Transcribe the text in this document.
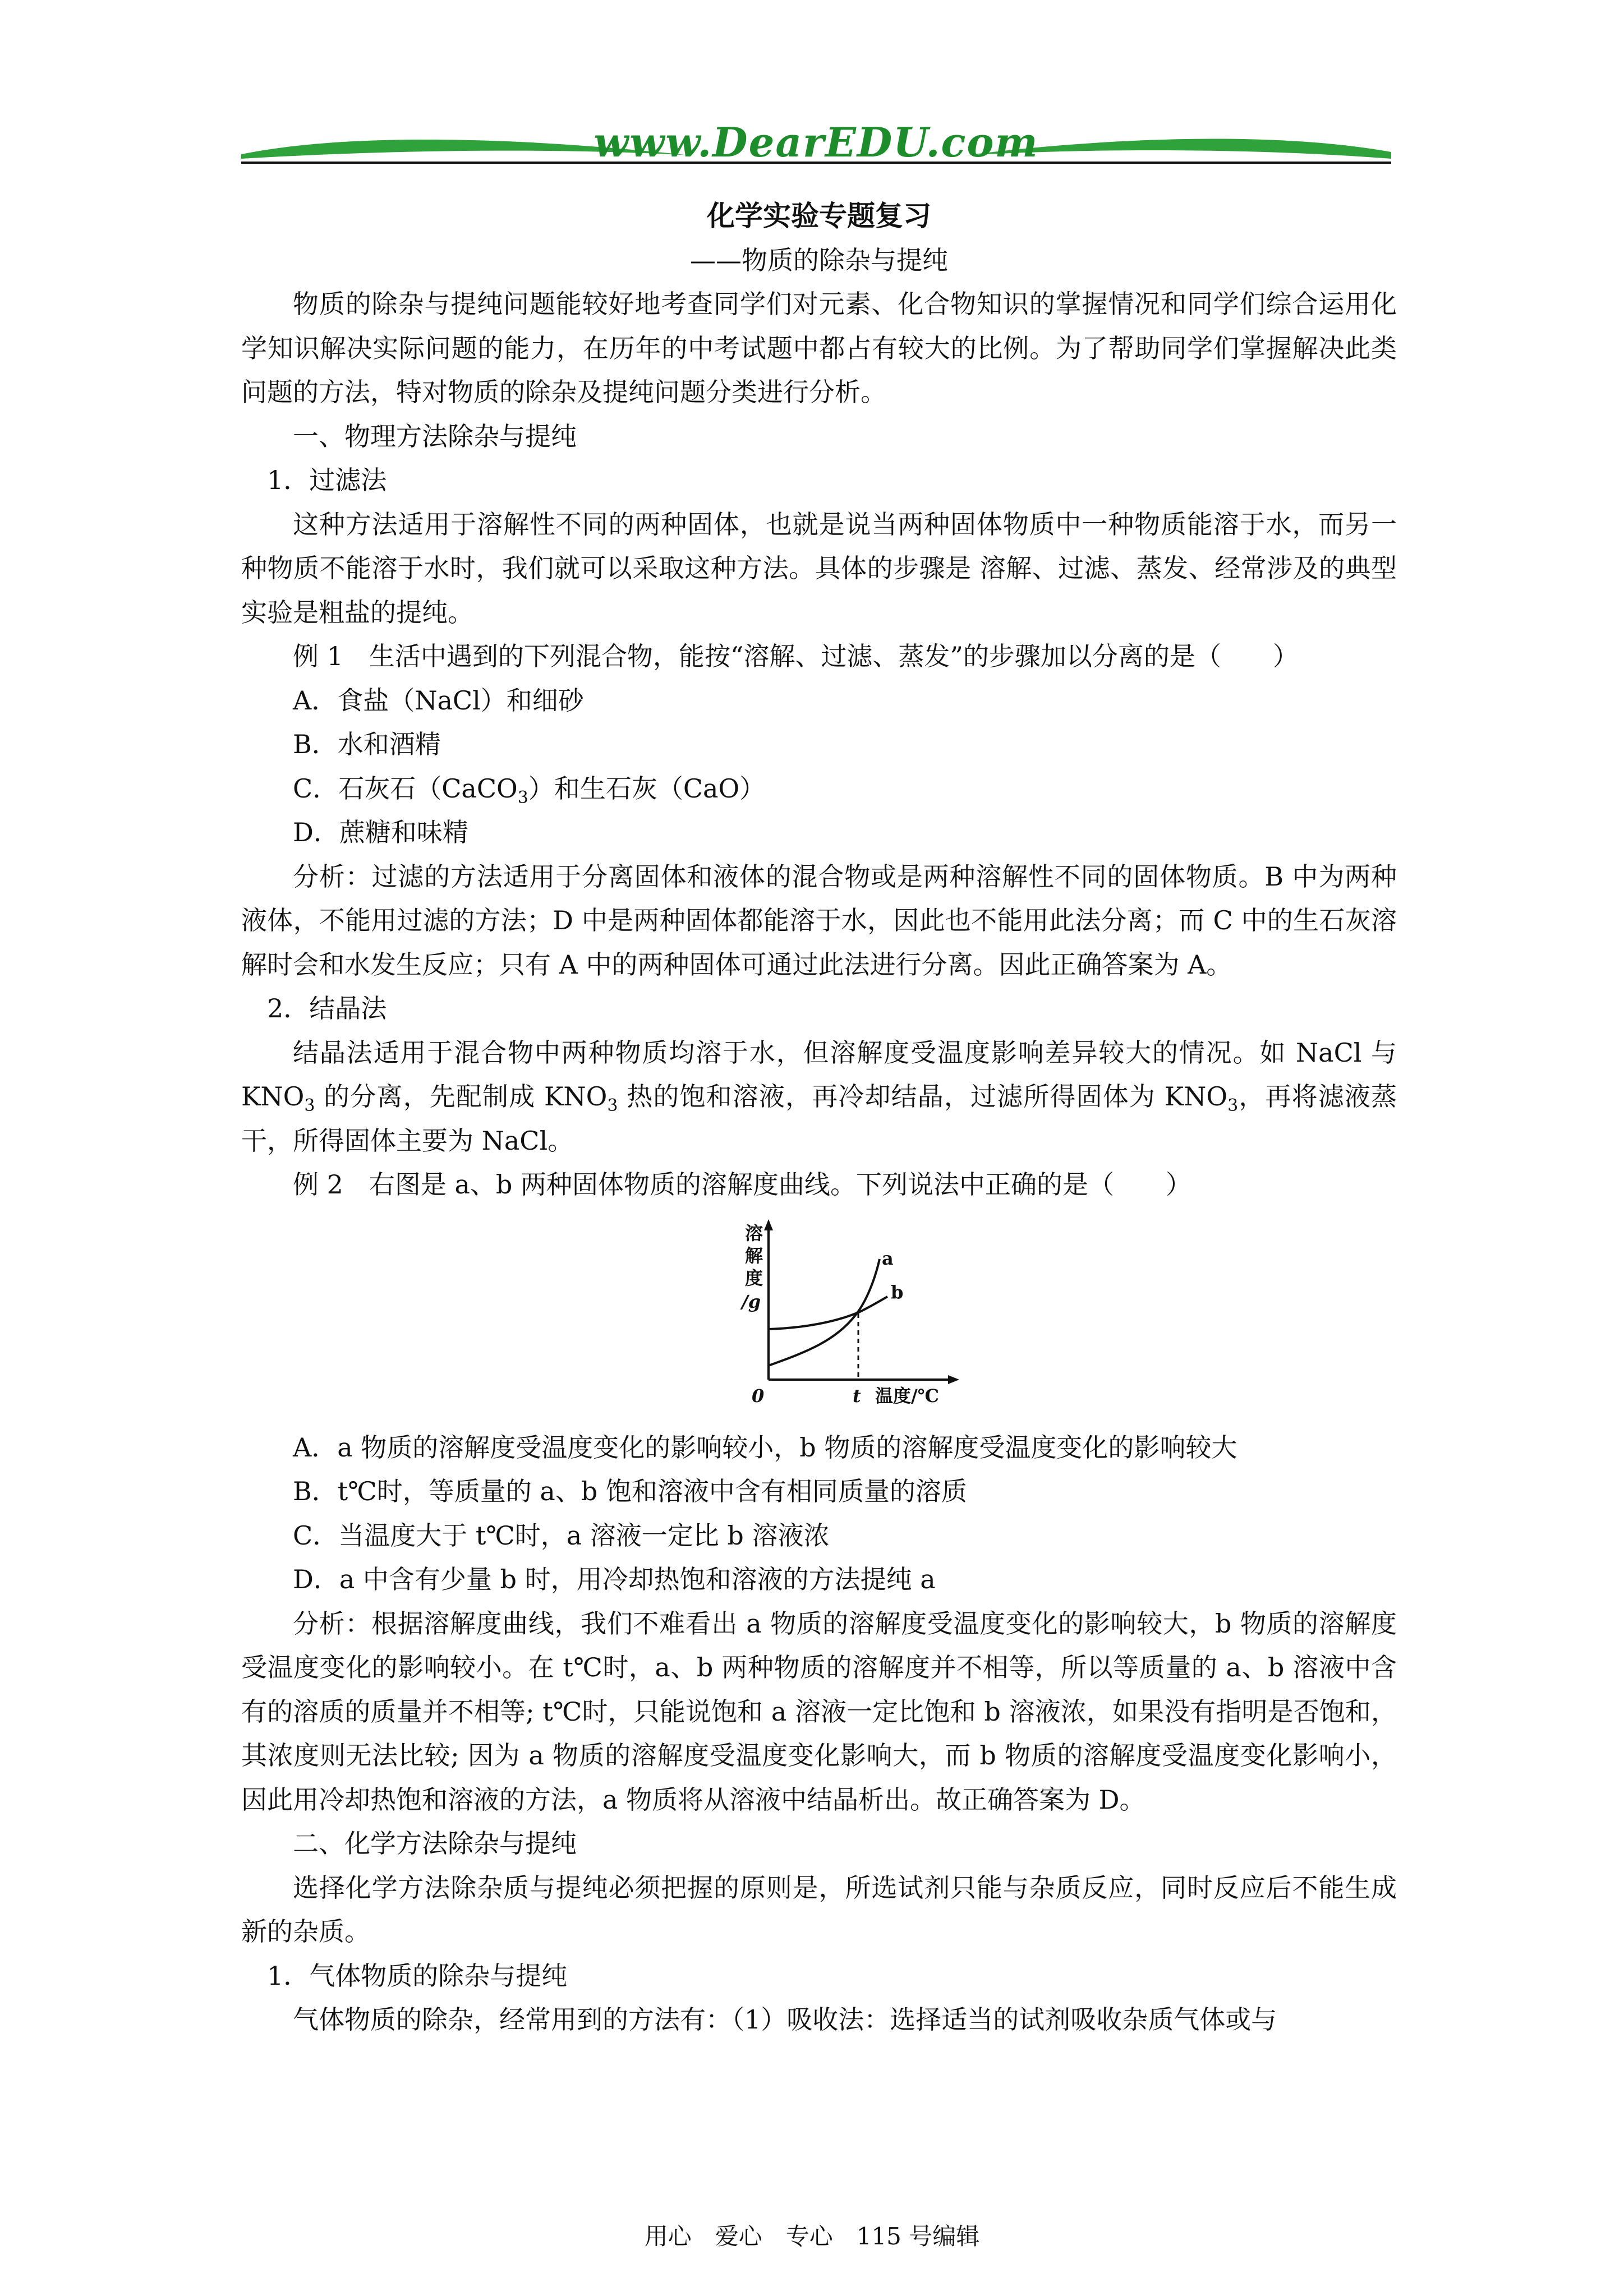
www.DearEDU.com

化学实验专题复习

——物质的除杂与提纯

物质的除杂与提纯问题能较好地考查同学们对元素、化合物知识的掌握情况和同学们综合运用化学知识解决实际问题的能力，在历年的中考试题中都占有较大的比例。为了帮助同学们掌握解决此类问题的方法，特对物质的除杂及提纯问题分类进行分析。

一、物理方法除杂与提纯

1．过滤法

这种方法适用于溶解性不同的两种固体，也就是说当两种固体物质中一种物质能溶于水，而另一种物质不能溶于水时，我们就可以采取这种方法。具体的步骤是 溶解、过滤、蒸发、经常涉及的典型实验是粗盐的提纯。

例 1　生活中遇到的下列混合物，能按“溶解、过滤、蒸发”的步骤加以分离的是（　　）

A．食盐（NaCl）和细砂

B．水和酒精

C．石灰石（CaCO$_3$）和生石灰（CaO）

D．蔗糖和味精

分析：过滤的方法适用于分离固体和液体的混合物或是两种溶解性不同的固体物质。B 中为两种液体，不能用过滤的方法；D 中是两种固体都能溶于水，因此也不能用此法分离；而 C 中的生石灰溶解时会和水发生反应；只有 A 中的两种固体可通过此法进行分离。因此正确答案为 A。

2．结晶法

结晶法适用于混合物中两种物质均溶于水，但溶解度受温度影响差异较大的情况。如 NaCl 与 $KNO_3$ 的分离，先配制成 $KNO_3$ 热的饱和溶液，再冷却结晶，过滤所得固体为 $KNO_3$，再将滤液蒸干，所得固体主要为 NaCl。

例 2　右图是 a、b 两种固体物质的溶解度曲线。下列说法中正确的是（　　）

溶
解
度
/g
0	t 温度/℃
a
b

A．a 物质的溶解度受温度变化的影响较小，b 物质的溶解度受温度变化的影响较大

B．t℃时，等质量的 a、b 饱和溶液中含有相同质量的溶质

C．当温度大于 t℃时，a 溶液一定比 b 溶液浓

D．a 中含有少量 b 时，用冷却热饱和溶液的方法提纯 a

分析：根据溶解度曲线，我们不难看出 a 物质的溶解度受温度变化的影响较大，b 物质的溶解度受温度变化的影响较小。在 t℃时，a、b 两种物质的溶解度并不相等，所以等质量的 a、b 溶液中含有的溶质的质量并不相等; t℃时，只能说饱和 a 溶液一定比饱和 b 溶液浓，如果没有指明是否饱和，其浓度则无法比较; 因为 a 物质的溶解度受温度变化影响大，而 b 物质的溶解度受温度变化影响小，因此用冷却热饱和溶液的方法，a 物质将从溶液中结晶析出。故正确答案为 D。

二、化学方法除杂与提纯

选择化学方法除杂质与提纯必须把握的原则是，所选试剂只能与杂质反应，同时反应后不能生成新的杂质。

1．气体物质的除杂与提纯

气体物质的除杂，经常用到的方法有：（1）吸收法：选择适当的试剂吸收杂质气体或与

用心　爱心　专心　115 号编辑
